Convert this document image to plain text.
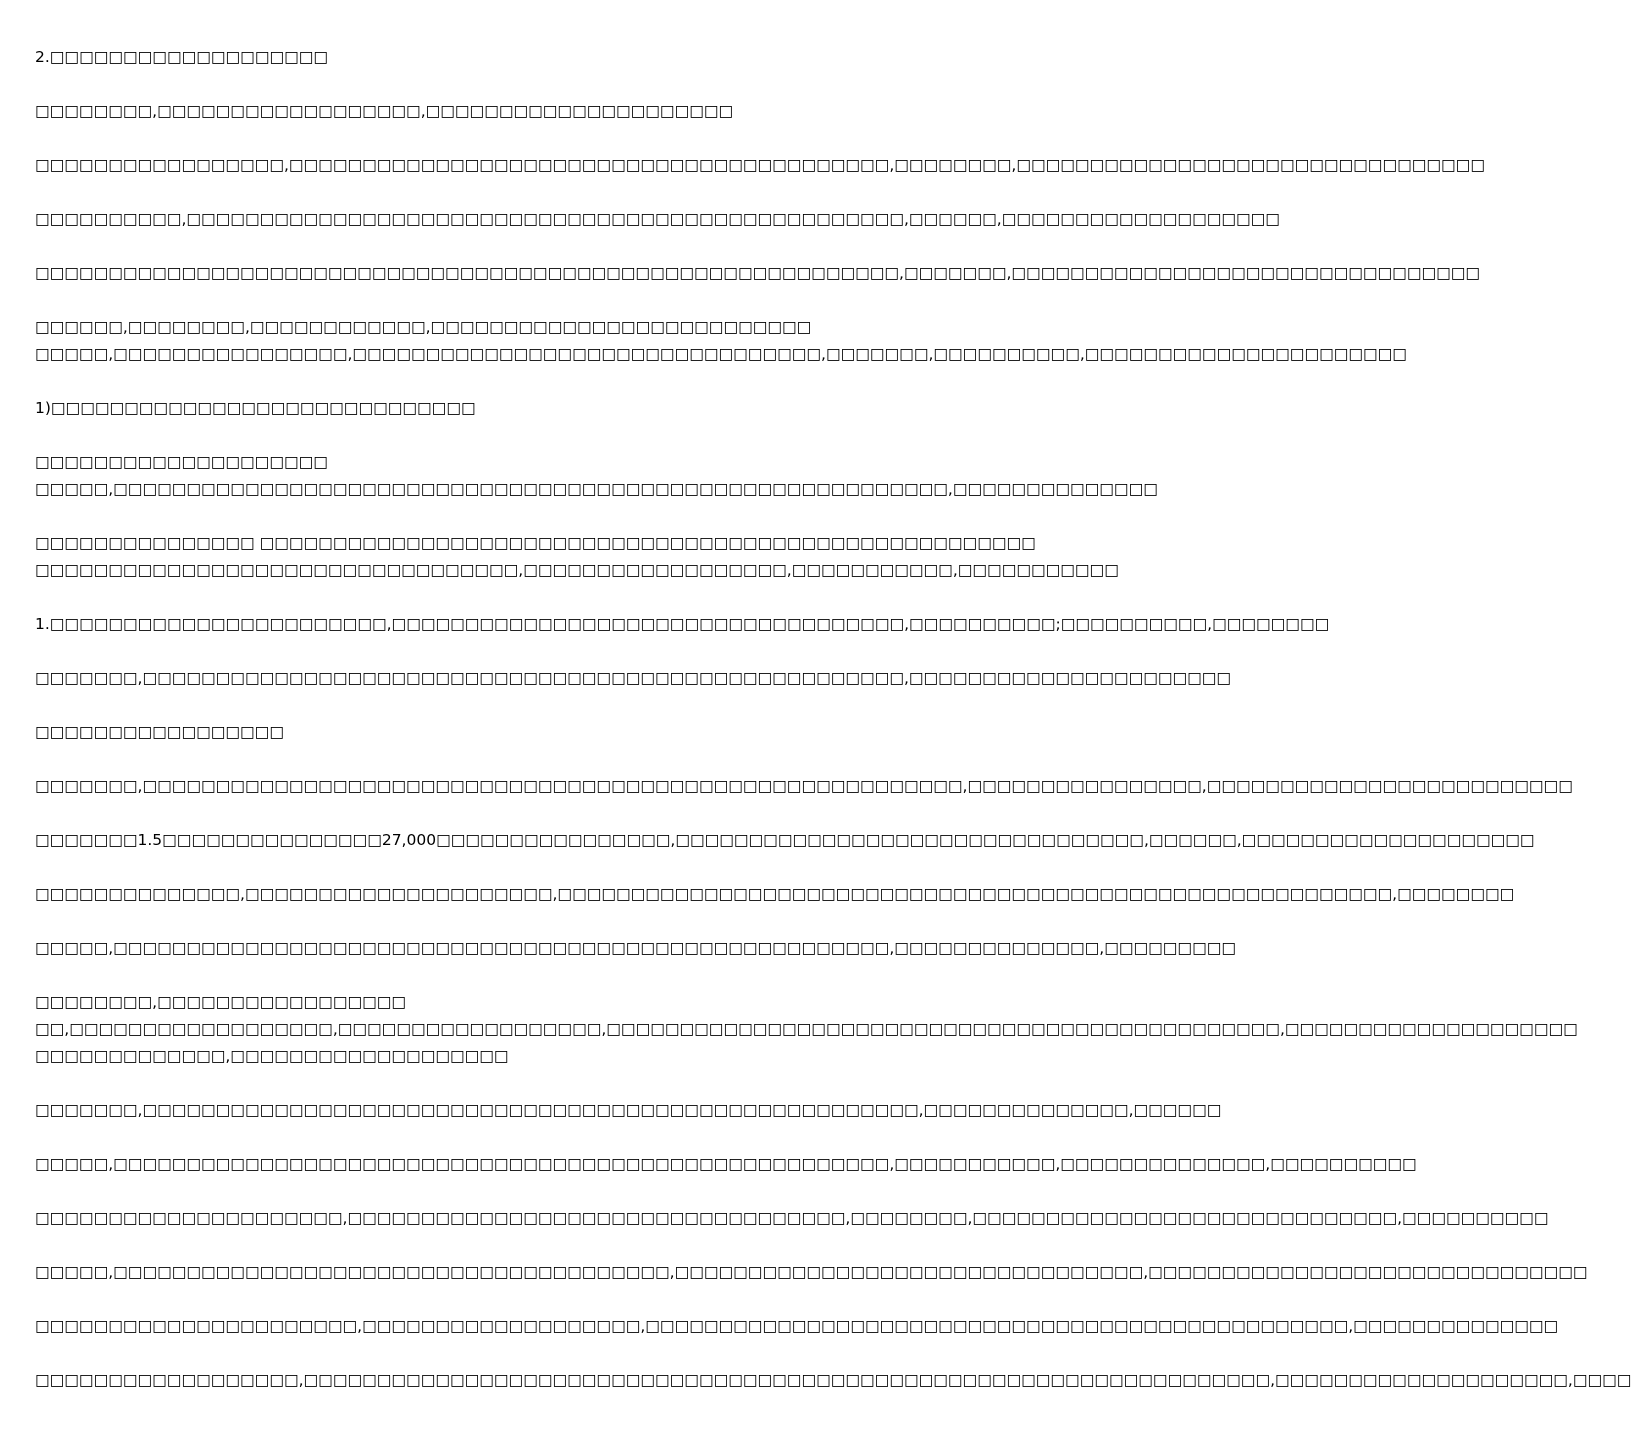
2.□□□□□□□□□□□□□□□□□□□

□□□□□□□□,□□□□□□□□□□□□□□□□□□,□□□□□□□□□□□□□□□□□□□□□

□□□□□□□□□□□□□□□□□,□□□□□□□□□□□□□□□□□□□□□□□□□□□□□□□□□□□□□□□□□,□□□□□□□□,□□□□□□□□□□□□□□□□□□□□□□□□□□□□□□□□

□□□□□□□□□□,□□□□□□□□□□□□□□□□□□□□□□□□□□□□□□□□□□□□□□□□□□□□□□□□□,□□□□□□,□□□□□□□□□□□□□□□□□□□

□□□□□□□□□□□□□□□□□□□□□□□□□□□□□□□□□□□□□□□□□□□□□□□□□□□□□□□□□□□,□□□□□□□,□□□□□□□□□□□□□□□□□□□□□□□□□□□□□□□□

□□□□□□,□□□□□□□□,□□□□□□□□□□□□,□□□□□□□□□□□□□□□□□□□□□□□□□□

□□□□□,□□□□□□□□□□□□□□□□,□□□□□□□□□□□□□□□□□□□□□□□□□□□□□□□□,□□□□□□□,□□□□□□□□□□,□□□□□□□□□□□□□□□□□□□□□□

1)□□□□□□□□□□□□□□□□□□□□□□□□□□□□□

□□□□□□□□□□□□□□□□□□□□

□□□□□,□□□□□□□□□□□□□□□□□□□□□□□□□□□□□□□□□□□□□□□□□□□□□□□□□□□□□□□□□,□□□□□□□□□□□□□□

□□□□□□□□□□□□□□□ □□□□□□□□□□□□□□□□□□□□□□□□□□□□□□□□□□□□□□□□□□□□□□□□□□□□□

□□□□□□□□□□□□□□□□□□□□□□□□□□□□□□□□□,□□□□□□□□□□□□□□□□□□,□□□□□□□□□□□,□□□□□□□□□□□

1.□□□□□□□□□□□□□□□□□□□□□□□,□□□□□□□□□□□□□□□□□□□□□□□□□□□□□□□□□□□,□□□□□□□□□□;□□□□□□□□□□,□□□□□□□□

□□□□□□□,□□□□□□□□□□□□□□□□□□□□□□□□□□□□□□□□□□□□□□□□□□□□□□□□□□□□,□□□□□□□□□□□□□□□□□□□□□□

□□□□□□□□□□□□□□□□□

□□□□□□□,□□□□□□□□□□□□□□□□□□□□□□□□□□□□□□□□□□□□□□□□□□□□□□□□□□□□□□□□,□□□□□□□□□□□□□□□□,□□□□□□□□□□□□□□□□□□□□□□□□□

□□□□□□□1.5□□□□□□□□□□□□□□□27,000□□□□□□□□□□□□□□□□,□□□□□□□□□□□□□□□□□□□□□□□□□□□□□□□□,□□□□□□,□□□□□□□□□□□□□□□□□□□□

□□□□□□□□□□□□□□,□□□□□□□□□□□□□□□□□□□□□,□□□□□□□□□□□□□□□□□□□□□□□□□□□□□□□□□□□□□□□□□□□□□□□□□□□□□□□□□,□□□□□□□□

□□□□□,□□□□□□□□□□□□□□□□□□□□□□□□□□□□□□□□□□□□□□□□□□□□□□□□□□□□□,□□□□□□□□□□□□□□,□□□□□□□□□

□□□□□□□□,□□□□□□□□□□□□□□□□□

□□,□□□□□□□□□□□□□□□□□□,□□□□□□□□□□□□□□□□□□,□□□□□□□□□□□□□□□□□□□□□□□□□□□□□□□□□□□□□□□□□□□□□□,□□□□□□□□□□□□□□□□□□□□

□□□□□□□□□□□□□,□□□□□□□□□□□□□□□□□□□

□□□□□□□,□□□□□□□□□□□□□□□□□□□□□□□□□□□□□□□□□□□□□□□□□□□□□□□□□□□□□,□□□□□□□□□□□□□□,□□□□□□

□□□□□,□□□□□□□□□□□□□□□□□□□□□□□□□□□□□□□□□□□□□□□□□□□□□□□□□□□□□,□□□□□□□□□□□,□□□□□□□□□□□□□□,□□□□□□□□□□

□□□□□□□□□□□□□□□□□□□□□,□□□□□□□□□□□□□□□□□□□□□□□□□□□□□□□□□□,□□□□□□□□,□□□□□□□□□□□□□□□□□□□□□□□□□□□□□,□□□□□□□□□□

□□□□□,□□□□□□□□□□□□□□□□□□□□□□□□□□□□□□□□□□□□□□,□□□□□□□□□□□□□□□□□□□□□□□□□□□□□□□□,□□□□□□□□□□□□□□□□□□□□□□□□□□□□□□

□□□□□□□□□□□□□□□□□□□□□□,□□□□□□□□□□□□□□□□□□□,□□□□□□□□□□□□□□□□□□□□□□□□□□□□□□□□□□□□□□□□□□□□□□□□,□□□□□□□□□□□□□□

□□□□□□□□□□□□□□□□□□,□□□□□□□□□□□□□□□□□□□□□□□□□□□□□□□□□□□□□□□□□□□□□□□□□□□□□□□□□□□□□□□□□□,□□□□□□□□□□□□□□□□□□□□,□□□□
